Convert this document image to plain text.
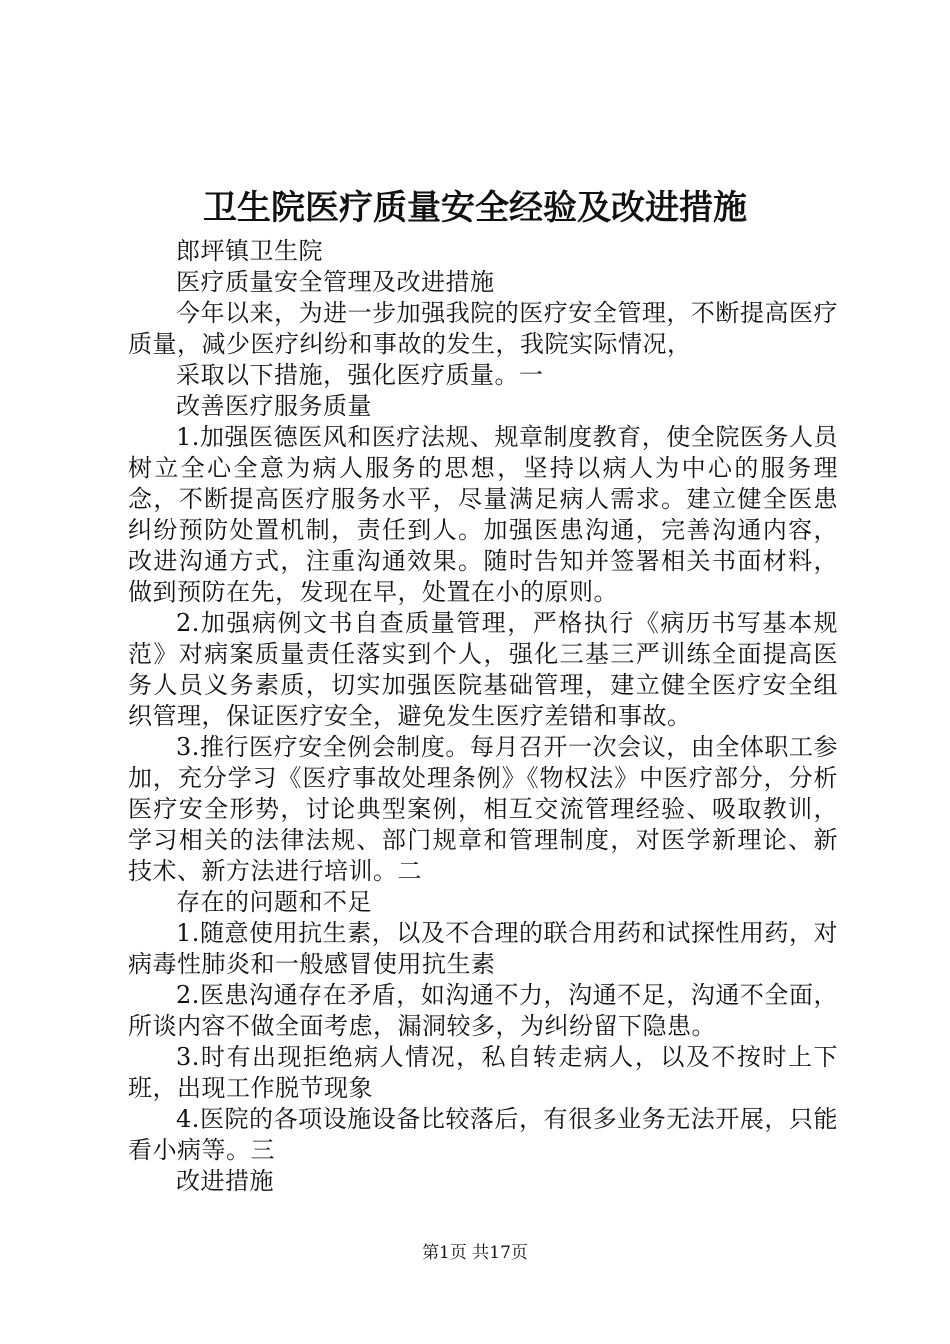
卫生院医疗质量安全经验及改进措施

郎坪镇卫生院

医疗质量安全管理及改进措施

今年以来，为进一步加强我院的医疗安全管理，不断提高医疗质量，减少医疗纠纷和事故的发生，我院实际情况，

采取以下措施，强化医疗质量。一

改善医疗服务质量

1.加强医德医风和医疗法规、规章制度教育，使全院医务人员树立全心全意为病人服务的思想，坚持以病人为中心的服务理念，不断提高医疗服务水平，尽量满足病人需求。建立健全医患纠纷预防处置机制，责任到人。加强医患沟通，完善沟通内容，改进沟通方式，注重沟通效果。随时告知并签署相关书面材料，做到预防在先，发现在早，处置在小的原则。

2.加强病例文书自查质量管理，严格执行《病历书写基本规范》对病案质量责任落实到个人，强化三基三严训练全面提高医务人员义务素质，切实加强医院基础管理，建立健全医疗安全组织管理，保证医疗安全，避免发生医疗差错和事故。

3.推行医疗安全例会制度。每月召开一次会议，由全体职工参加，充分学习《医疗事故处理条例》《物权法》中医疗部分，分析医疗安全形势，讨论典型案例，相互交流管理经验、吸取教训，学习相关的法律法规、部门规章和管理制度，对医学新理论、新技术、新方法进行培训。二

存在的问题和不足

1.随意使用抗生素，以及不合理的联合用药和试探性用药，对病毒性肺炎和一般感冒使用抗生素

2.医患沟通存在矛盾，如沟通不力，沟通不足，沟通不全面，所谈内容不做全面考虑，漏洞较多，为纠纷留下隐患。

3.时有出现拒绝病人情况，私自转走病人，以及不按时上下班，出现工作脱节现象

4.医院的各项设施设备比较落后，有很多业务无法开展，只能看小病等。三

改进措施

第1页 共17页
